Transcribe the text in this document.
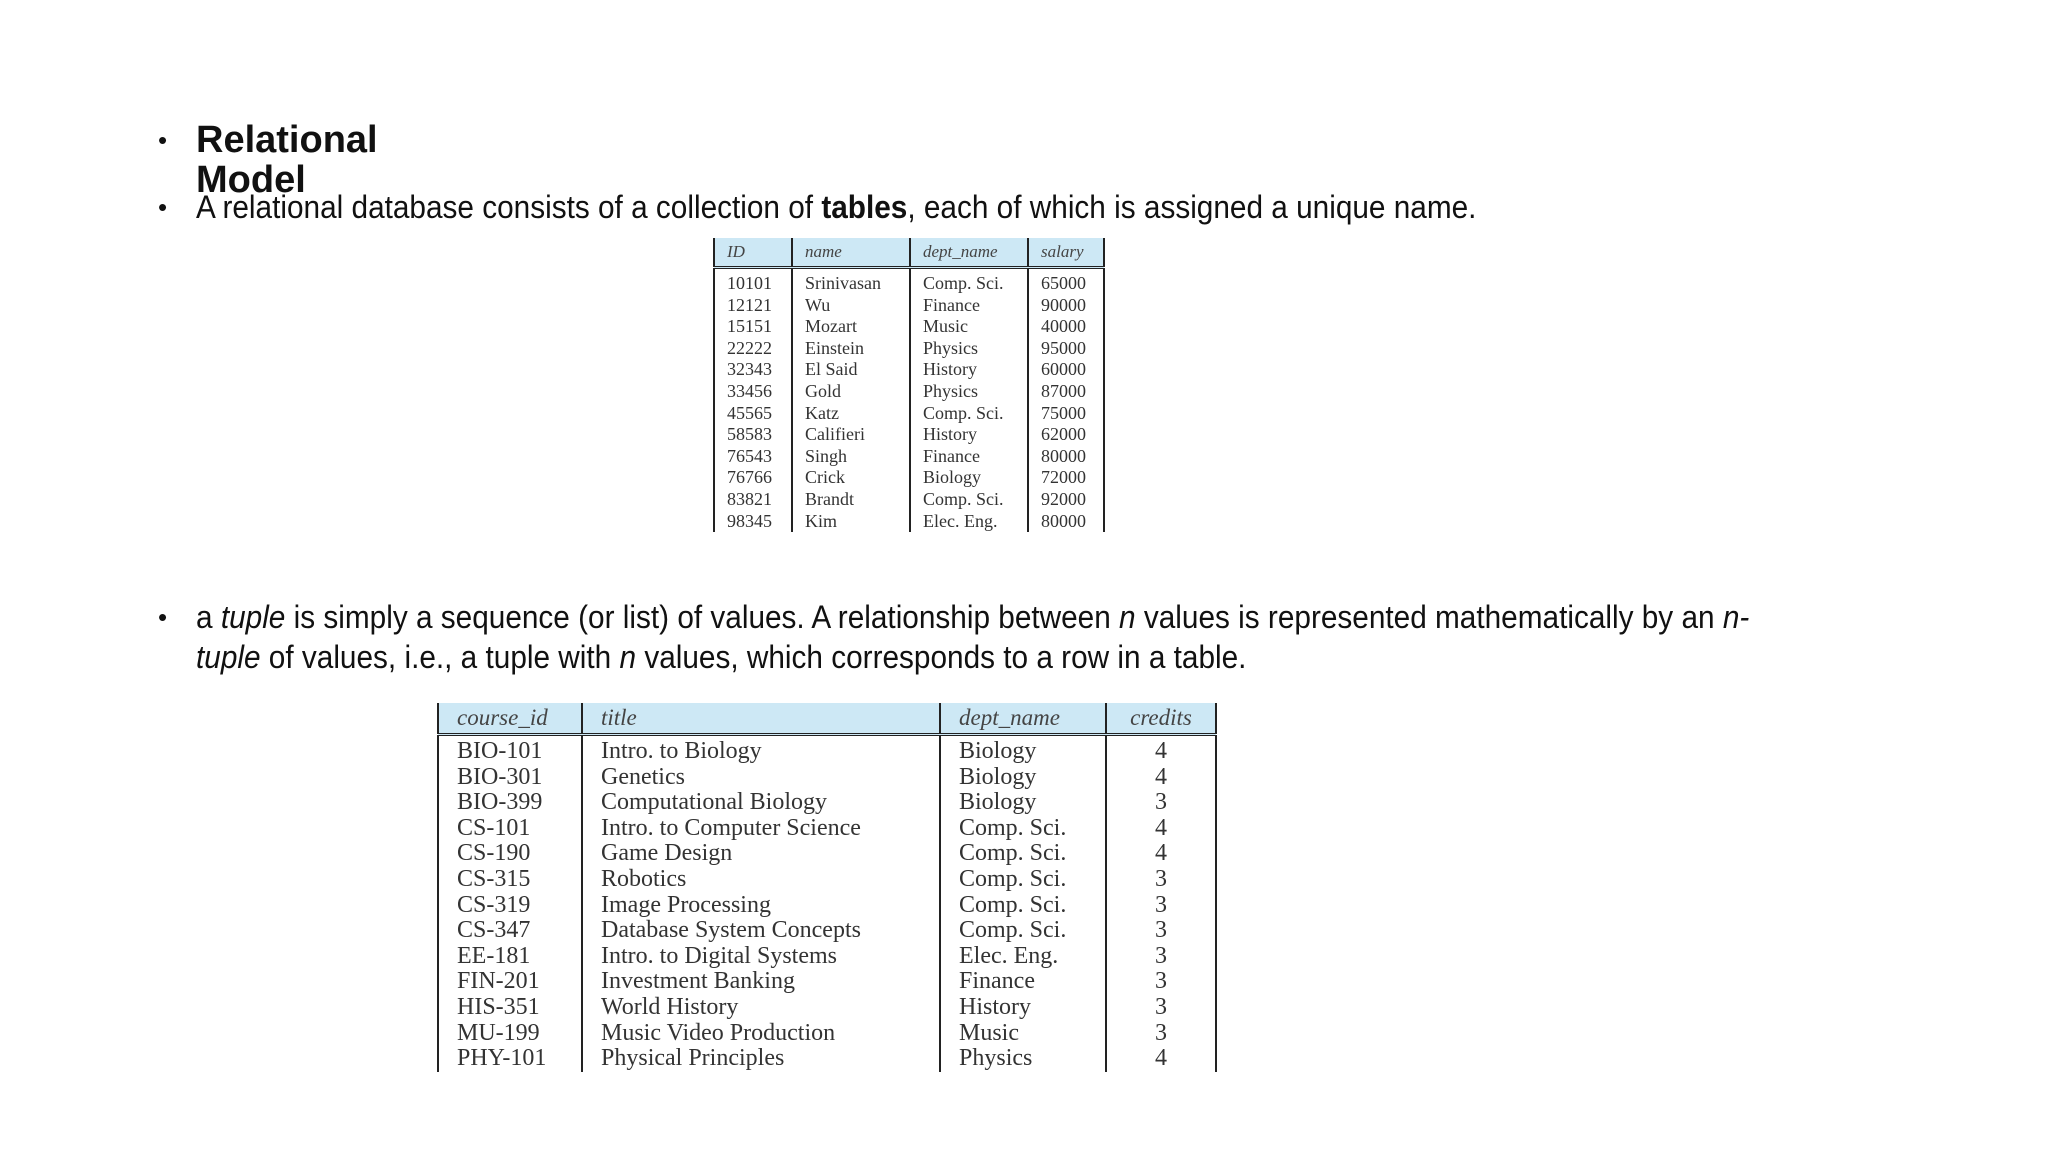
• Relational Model
• A relational database consists of a collection of tables, each of which is assigned a unique name.
ID	name	dept_name	salary
10101	Srinivasan	Comp. Sci.	65000
12121	Wu	Finance	90000
15151	Mozart	Music	40000
22222	Einstein	Physics	95000
32343	El Said	History	60000
33456	Gold	Physics	87000
45565	Katz	Comp. Sci.	75000
58583	Califieri	History	62000
76543	Singh	Finance	80000
76766	Crick	Biology	72000
83821	Brandt	Comp. Sci.	92000
98345	Kim	Elec. Eng.	80000
• a tuple is simply a sequence (or list) of values. A relationship between n values is represented mathematically by an n-
tuple of values, i.e., a tuple with n values, which corresponds to a row in a table.
course_id	title	dept_name	credits
BIO-101	Intro. to Biology	Biology	4
BIO-301	Genetics	Biology	4
BIO-399	Computational Biology	Biology	3
CS-101	Intro. to Computer Science	Comp. Sci.	4
CS-190	Game Design	Comp. Sci.	4
CS-315	Robotics	Comp. Sci.	3
CS-319	Image Processing	Comp. Sci.	3
CS-347	Database System Concepts	Comp. Sci.	3
EE-181	Intro. to Digital Systems	Elec. Eng.	3
FIN-201	Investment Banking	Finance	3
HIS-351	World History	History	3
MU-199	Music Video Production	Music	3
PHY-101	Physical Principles	Physics	4
